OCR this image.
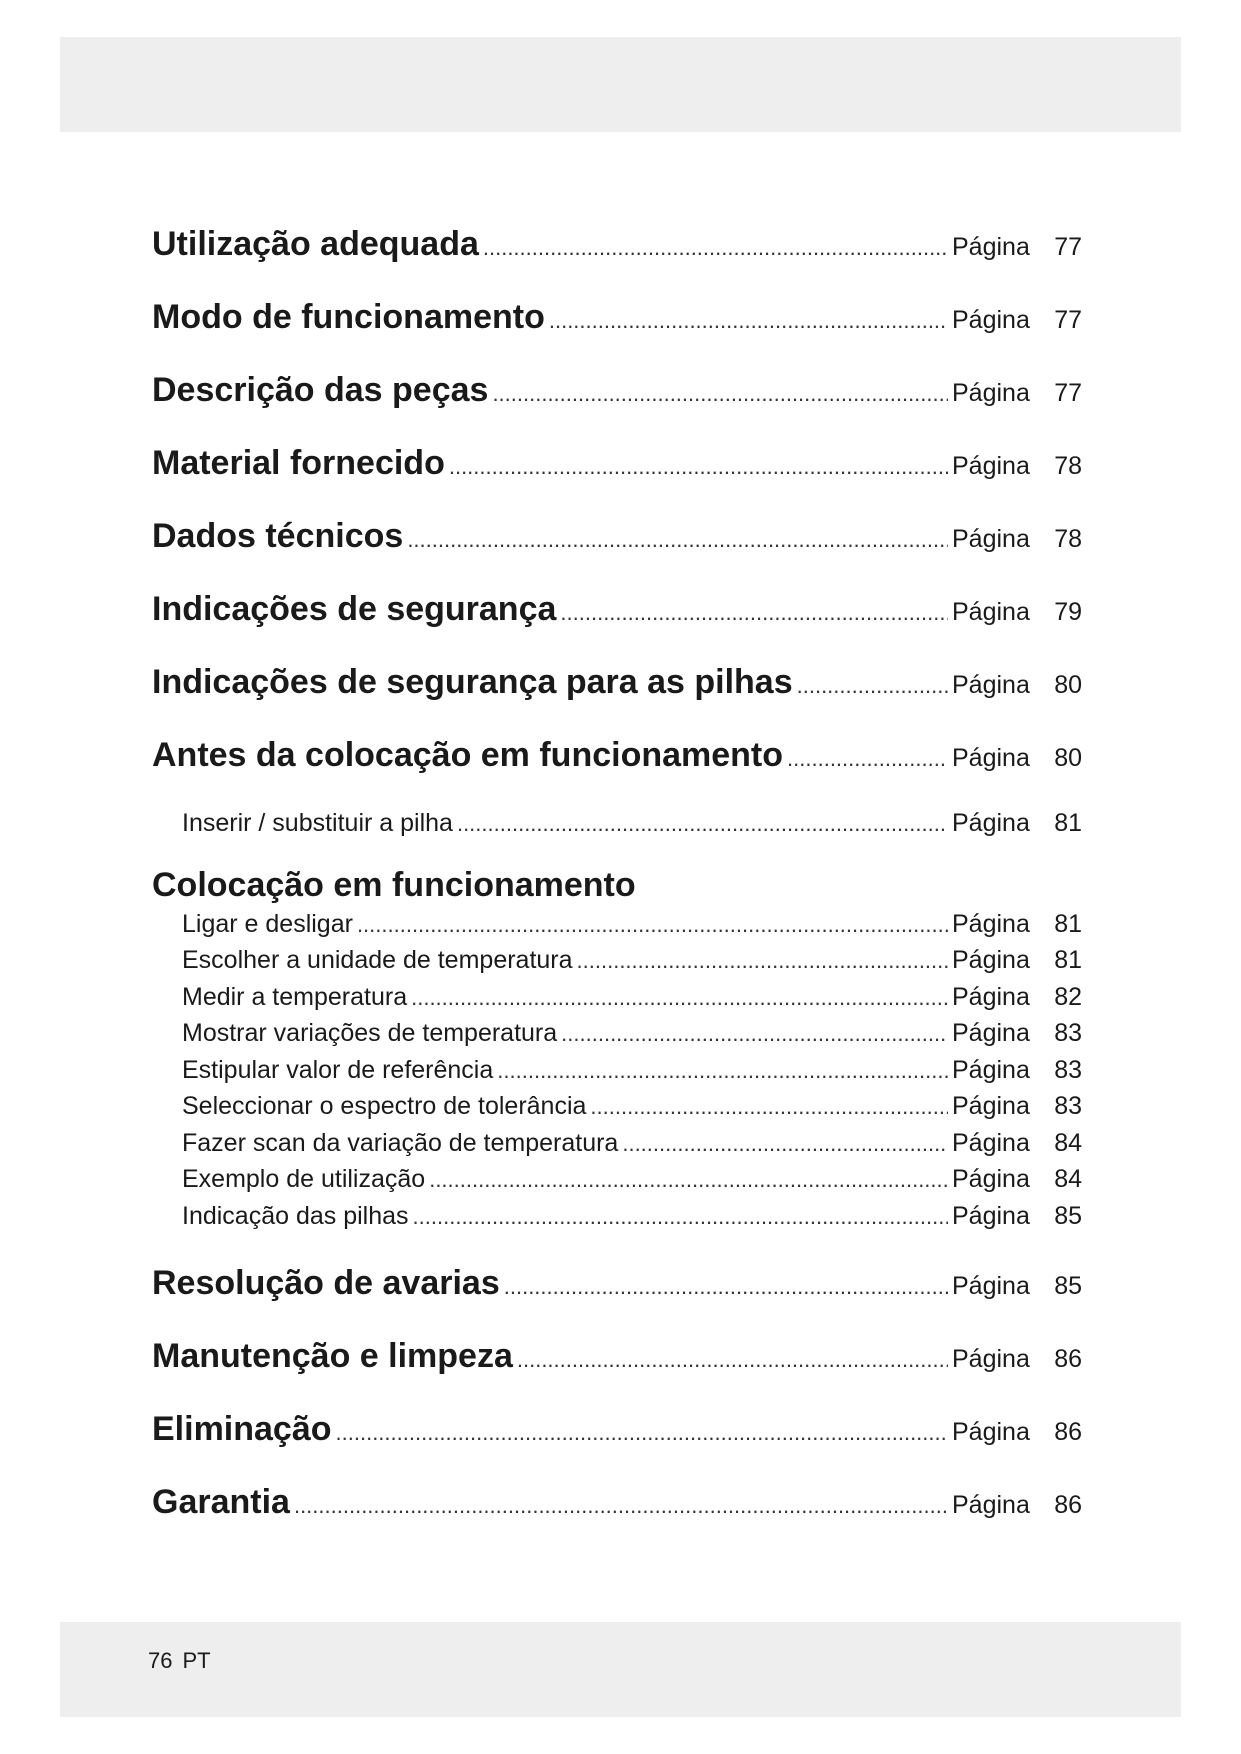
Utilização adequada .....	Página 77
Modo de funcionamento .....	Página 77
Descrição das peças .....	Página 77
Material fornecido .....	Página 78
Dados técnicos .....	Página 78
Indicações de segurança .....	Página 79
Indicações de segurança para as pilhas .....	Página 80
Antes da colocação em funcionamento .....	Página 80
Inserir / substituir a pilha .....	Página 81
Colocação em funcionamento
Ligar e desligar .....	Página 81
Escolher a unidade de temperatura .....	Página 81
Medir a temperatura .....	Página 82
Mostrar variações de temperatura .....	Página 83
Estipular valor de referência .....	Página 83
Seleccionar o espectro de tolerância .....	Página 83
Fazer scan da variação de temperatura .....	Página 84
Exemplo de utilização .....	Página 84
Indicação das pilhas .....	Página 85
Resolução de avarias .....	Página 85
Manutenção e limpeza .....	Página 86
Eliminação .....	Página 86
Garantia .....	Página 86
76 PT
